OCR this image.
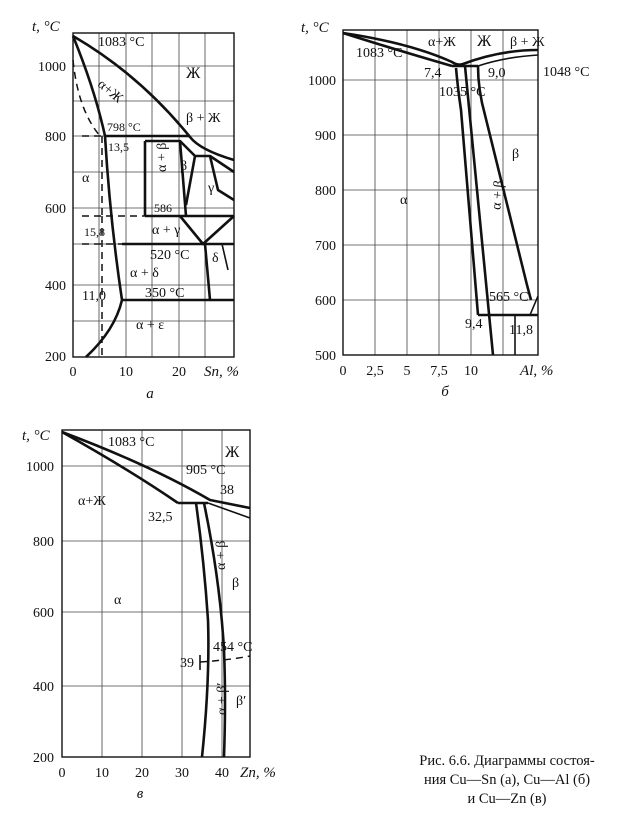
200
400
600
800
1000
0	10	20
t, °C
Sn, %
а
1083 °C
Ж
α+Ж
β + Ж
798 °C
13,5
β
α
α + β
γ
586
15,8	α + γ
520 °C δ
α + δ
11,0	350 °C
α + ε
500
600
700
800
900
1000
0 2,5 5 7,5 10
t, °C
Al, %
б
α+Ж Ж β + Ж
1083 °C
7,4	9,0	1048 °C
1035 °C
β
α	α + β
565 °C
9,4 11,8
200
400
600
800
1000
0 10 20 30 40
t, °C
Zn, %
в
1083 °C
Ж
905 °C
α+Ж
38
32,5
α
α + β
β
454 °C
39
β′
α + β′
Рис. 6.6. Диаграммы состоя-
ния Cu—Sn (а), Cu—Al (б)
и Cu—Zn (в)
